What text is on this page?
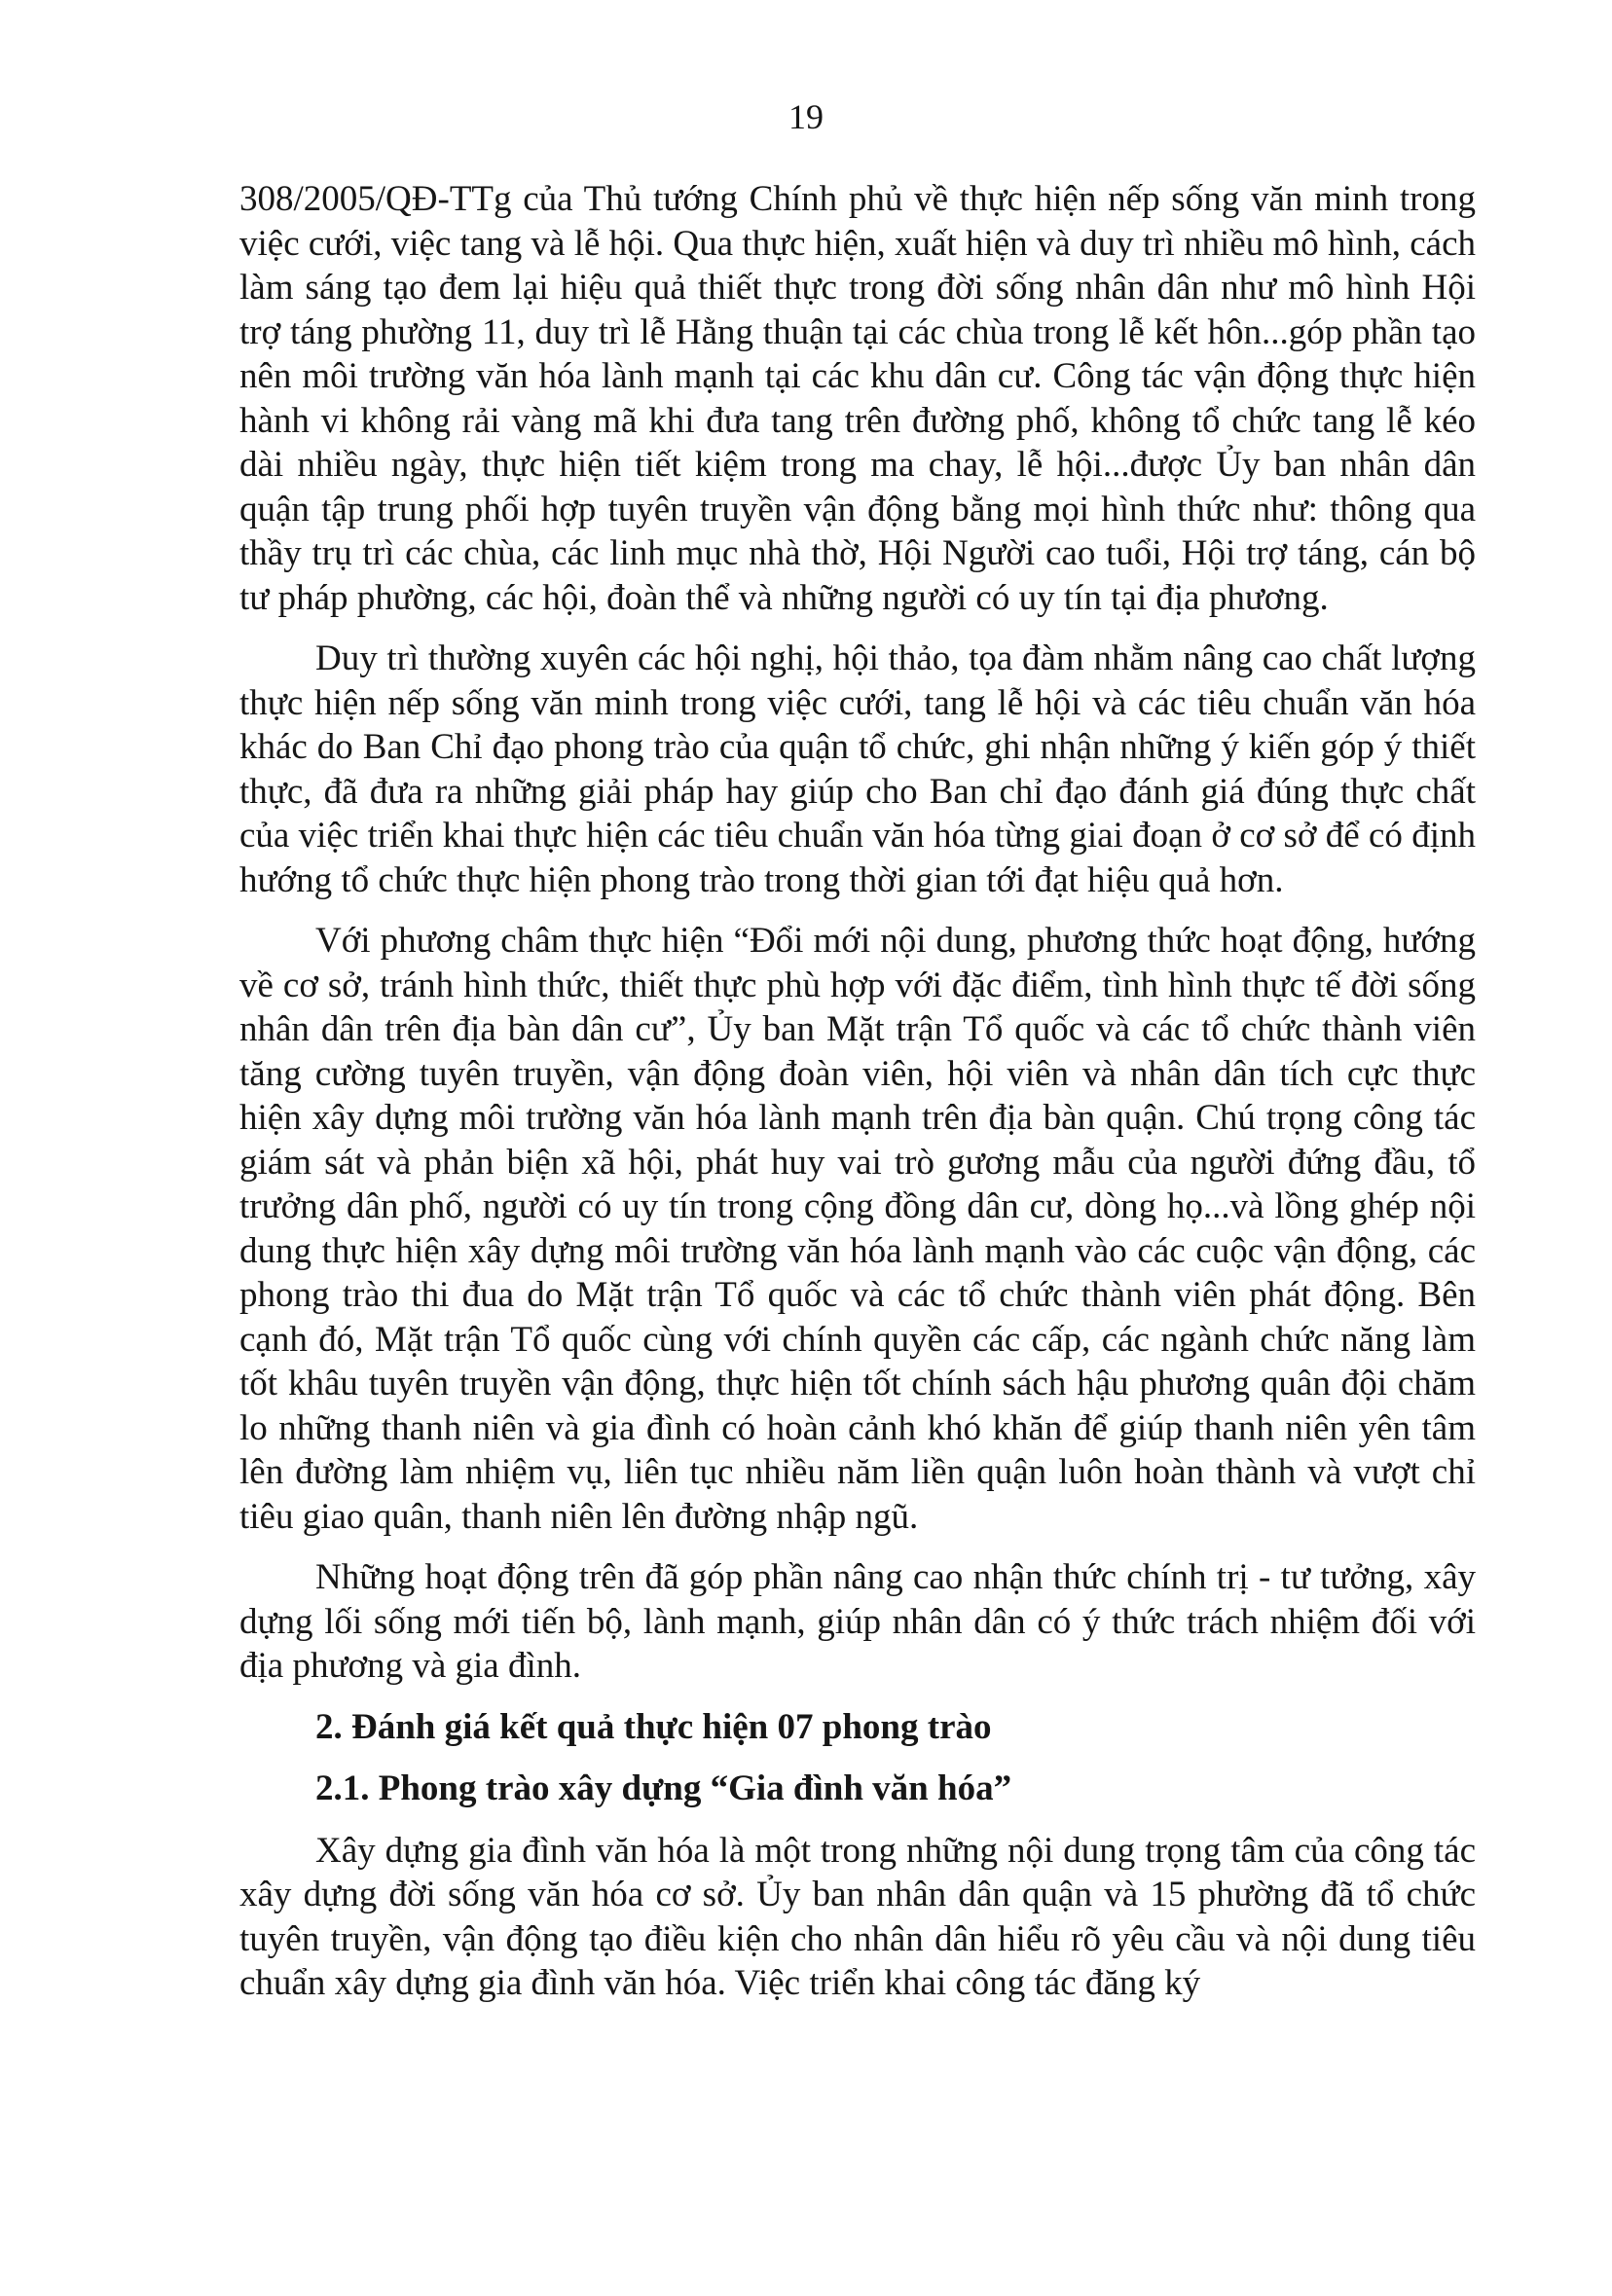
19

308/2005/QĐ-TTg của Thủ tướng Chính phủ về thực hiện nếp sống văn minh trong việc cưới, việc tang và lễ hội. Qua thực hiện, xuất hiện và duy trì nhiều mô hình, cách làm sáng tạo đem lại hiệu quả thiết thực trong đời sống nhân dân như mô hình Hội trợ táng phường 11, duy trì lễ Hằng thuận tại các chùa trong lễ kết hôn...góp phần tạo nên môi trường văn hóa lành mạnh tại các khu dân cư. Công tác vận động thực hiện hành vi không rải vàng mã khi đưa tang trên đường phố, không tổ chức tang lễ kéo dài nhiều ngày, thực hiện tiết kiệm trong ma chay, lễ hội...được Ủy ban nhân dân quận tập trung phối hợp tuyên truyền vận động bằng mọi hình thức như: thông qua thầy trụ trì các chùa, các linh mục nhà thờ, Hội Người cao tuổi, Hội trợ táng, cán bộ tư pháp phường, các hội, đoàn thể và những người có uy tín tại địa phương.

Duy trì thường xuyên các hội nghị, hội thảo, tọa đàm nhằm nâng cao chất lượng thực hiện nếp sống văn minh trong việc cưới, tang lễ hội và các tiêu chuẩn văn hóa khác do Ban Chỉ đạo phong trào của quận tổ chức, ghi nhận những ý kiến góp ý thiết thực, đã đưa ra những giải pháp hay giúp cho Ban chỉ đạo đánh giá đúng thực chất của việc triển khai thực hiện các tiêu chuẩn văn hóa từng giai đoạn ở cơ sở để có định hướng tổ chức thực hiện phong trào trong thời gian tới đạt hiệu quả hơn.

Với phương châm thực hiện “Đổi mới nội dung, phương thức hoạt động, hướng về cơ sở, tránh hình thức, thiết thực phù hợp với đặc điểm, tình hình thực tế đời sống nhân dân trên địa bàn dân cư”, Ủy ban Mặt trận Tổ quốc và các tổ chức thành viên tăng cường tuyên truyền, vận động đoàn viên, hội viên và nhân dân tích cực thực hiện xây dựng môi trường văn hóa lành mạnh trên địa bàn quận. Chú trọng công tác giám sát và phản biện xã hội, phát huy vai trò gương mẫu của người đứng đầu, tổ trưởng dân phố, người có uy tín trong cộng đồng dân cư, dòng họ...và lồng ghép nội dung thực hiện xây dựng môi trường văn hóa lành mạnh vào các cuộc vận động, các phong trào thi đua do Mặt trận Tổ quốc và các tổ chức thành viên phát động. Bên cạnh đó, Mặt trận Tổ quốc cùng với chính quyền các cấp, các ngành chức năng làm tốt khâu tuyên truyền vận động, thực hiện tốt chính sách hậu phương quân đội chăm lo những thanh niên và gia đình có hoàn cảnh khó khăn để giúp thanh niên yên tâm lên đường làm nhiệm vụ, liên tục nhiều năm liền quận luôn hoàn thành và vượt chỉ tiêu giao quân, thanh niên lên đường nhập ngũ.

Những hoạt động trên đã góp phần nâng cao nhận thức chính trị - tư tưởng, xây dựng lối sống mới tiến bộ, lành mạnh, giúp nhân dân có ý thức trách nhiệm đối với địa phương và gia đình.

2. Đánh giá kết quả thực hiện 07 phong trào
2.1. Phong trào xây dựng “Gia đình văn hóa”

Xây dựng gia đình văn hóa là một trong những nội dung trọng tâm của công tác xây dựng đời sống văn hóa cơ sở. Ủy ban nhân dân quận và 15 phường đã tổ chức tuyên truyền, vận động tạo điều kiện cho nhân dân hiểu rõ yêu cầu và nội dung tiêu chuẩn xây dựng gia đình văn hóa. Việc triển khai công tác đăng ký
